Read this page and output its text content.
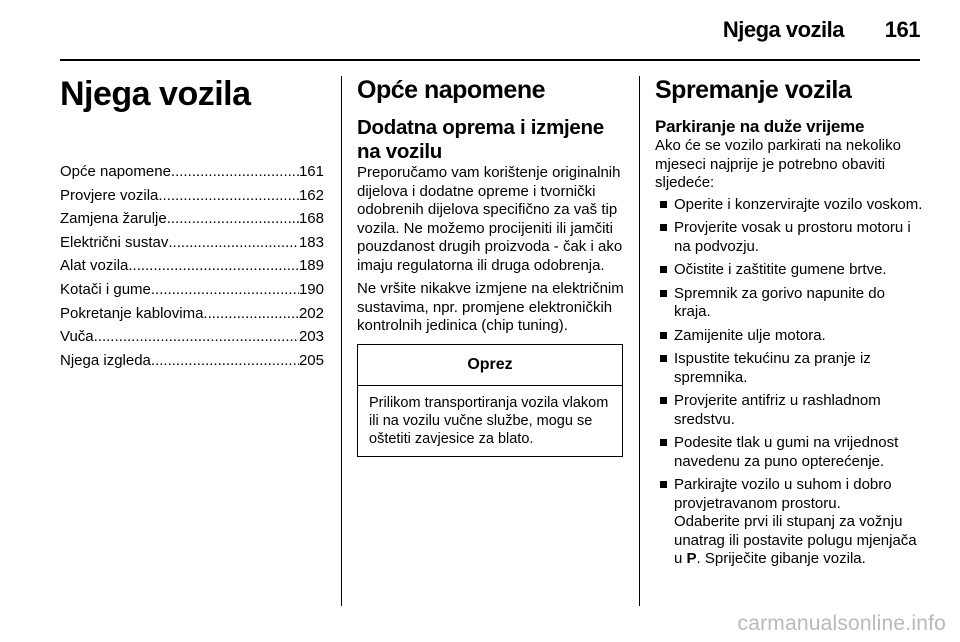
Njega vozila 161
Njega vozila
Opće napomene .....	161
Provjere vozila .....	162
Zamjena žarulje .....	168
Električni sustav .....	183
Alat vozila .....	189
Kotači i gume .....	190
Pokretanje kablovima .....	202
Vuča .....	203
Njega izgleda .....	205
Opće napomene
Dodatna oprema i izmjene na vozilu

Preporučamo vam korištenje originalnih dijelova i dodatne opreme i tvornički odobrenih dijelova specifično za vaš tip vozila. Ne možemo procijeniti ili jamčiti pouzdanost drugih proizvoda - čak i ako imaju regulatorna ili druga odobrenja.

Ne vršite nikakve izmjene na električnim sustavima, npr. promjene elektroničkih kontrolnih jedinica (chip tuning).

Oprez
Prilikom transportiranja vozila vlakom ili na vozilu vučne službe, mogu se oštetiti zavjesice za blato.
Spremanje vozila
Parkiranje na duže vrijeme

Ako će se vozilo parkirati na nekoliko mjeseci najprije je potrebno obaviti sljedeće:

Operite i konzervirajte vozilo voskom.
Provjerite vosak u prostoru motoru i na podvozju.
Očistite i zaštitite gumene brtve.
Spremnik za gorivo napunite do kraja.
Zamijenite ulje motora.
Ispustite tekućinu za pranje iz spremnika.
Provjerite antifriz u rashladnom sredstvu.
Podesite tlak u gumi na vrijednost navedenu za puno opterećenje.
Parkirajte vozilo u suhom i dobro provjetravanom prostoru.
Odaberite prvi ili stupanj za vožnju unatrag ili postavite polugu mjenjača u P. Spriječite gibanje vozila.
carmanualsonline.info
